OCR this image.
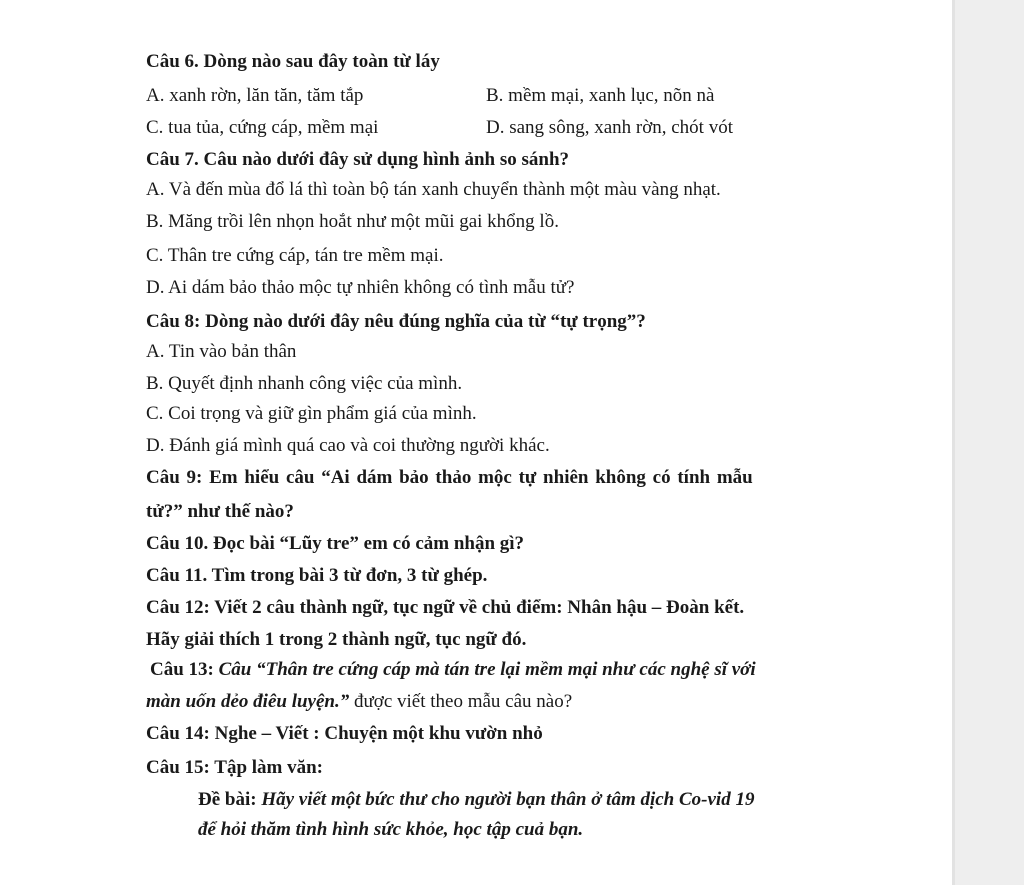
Câu 6. Dòng nào sau đây toàn từ láy
A. xanh rờn, lăn tăn, tăm tắp	B. mềm mại, xanh lục, nõn nà
C. tua tủa, cứng cáp, mềm mại	D. sang sông, xanh rờn, chót vót
Câu 7. Câu nào dưới đây sử dụng hình ảnh so sánh?
A. Và đến mùa đổ lá thì toàn bộ tán xanh chuyển thành một màu vàng nhạt.
B. Măng trồi lên nhọn hoắt như một mũi gai khổng lồ.
C. Thân tre cứng cáp, tán tre mềm mại.
D. Ai dám bảo thảo mộc tự nhiên không có tình mẫu tử?
Câu 8: Dòng nào dưới đây nêu đúng nghĩa của từ “tự trọng”?
A. Tin vào bản thân
B. Quyết định nhanh công việc của mình.
C. Coi trọng và giữ gìn phẩm giá của mình.
D. Đánh giá mình quá cao và coi thường người khác.
Câu 9: Em hiểu câu “Ai dám bảo thảo mộc tự nhiên không có tính mẫu
tử?” như thế nào?
Câu 10. Đọc bài “Lũy tre” em có cảm nhận gì?
Câu 11. Tìm trong bài 3 từ đơn, 3 từ ghép.
Câu 12: Viết 2 câu thành ngữ, tục ngữ về chủ điểm: Nhân hậu – Đoàn kết.
Hãy giải thích 1 trong 2 thành ngữ, tục ngữ đó.
Câu 13: Câu “Thân tre cứng cáp mà tán tre lại mềm mại như các nghệ sĩ với
màn uốn dẻo điêu luyện.” được viết theo mẫu câu nào?
Câu 14: Nghe – Viết : Chuyện một khu vườn nhỏ
Câu 15: Tập làm văn:
Đề bài: Hãy viết một bức thư cho người bạn thân ở tâm dịch Co-vid 19
để hỏi thăm tình hình sức khỏe, học tập cuả bạn.
